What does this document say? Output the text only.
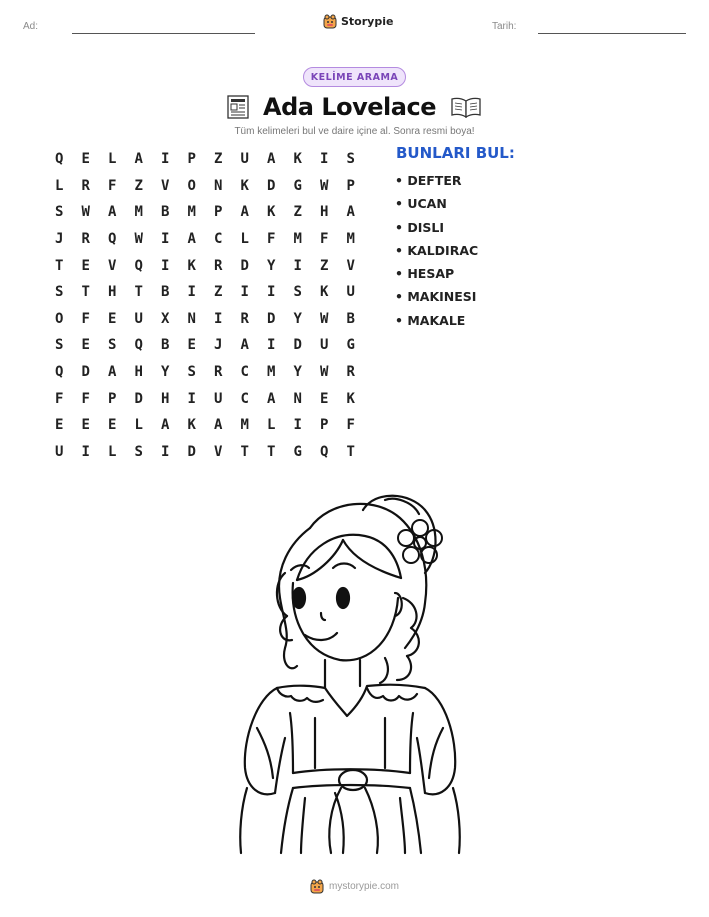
Ad:	Storypie	Tarih:
KELİME ARAMA
Ada Lovelace
Tüm kelimeleri bul ve daire içine al. Sonra resmi boya!
Q	E	L	A	I	P	Z	U	A	K	I	S
L	R	F	Z	V	O	N	K	D	G	W	P
S	W	A	M	B	M	P	A	K	Z	H	A
J	R	Q	W	I	A	C	L	F	M	F	M
T	E	V	Q	I	K	R	D	Y	I	Z	V
S	T	H	T	B	I	Z	I	I	S	K	U
O	F	E	U	X	N	I	R	D	Y	W	B
S	E	S	Q	B	E	J	A	I	D	U	G
Q	D	A	H	Y	S	R	C	M	Y	W	R
F	F	P	D	H	I	U	C	A	N	E	K
E	E	E	L	A	K	A	M	L	I	P	F
U	I	L	S	I	D	V	T	T	G	Q	T
BUNLARI BUL:
• DEFTER
• UCAN
• DISLI
• KALDIRAC
• HESAP
• MAKINESI
• MAKALE
mystorypie.com
